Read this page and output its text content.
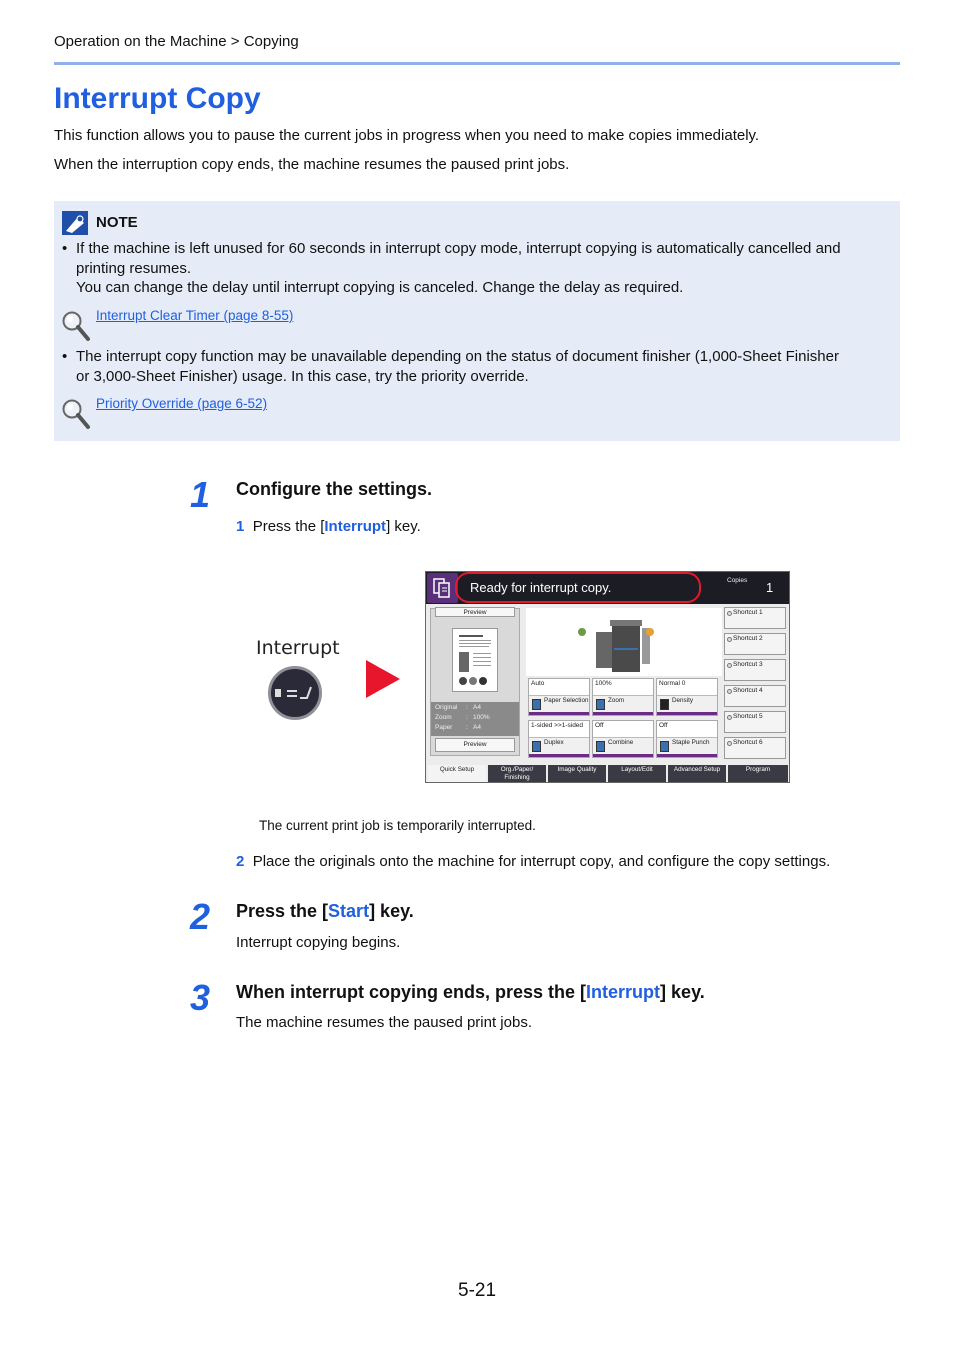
Operation on the Machine > Copying
Interrupt Copy

This function allows you to pause the current jobs in progress when you need to make copies immediately.

When the interruption copy ends, the machine resumes the paused print jobs.

NOTE
• If the machine is left unused for 60 seconds in interrupt copy mode, interrupt copying is automatically cancelled and
printing resumes.
You can change the delay until interrupt copying is canceled. Change the delay as required.
Interrupt Clear Timer (page 8-55)
• The interrupt copy function may be unavailable depending on the status of document finisher (1,000-Sheet Finisher
or 3,000-Sheet Finisher) usage. In this case, try the priority override.
Priority Override (page 6-52)
1 Configure the settings.
1 Press the [Interrupt] key.
Interrupt
Ready for interrupt copy.	Copies 1
Preview
Original : A4
Zoom : 100%
Paper : A4
Preview
Auto
Paper Selection
100%
Zoom
Normal 0
Density
1-sided >>1-sided
Duplex
Off
Combine
Off
Staple Punch
Shortcut 1
Shortcut 2
Shortcut 3
Shortcut 4
Shortcut 5
Shortcut 6
Quick Setup	Org./Paper/ Finishing
Image Quality	Layout/Edit	Advanced Setup	Program
The current print job is temporarily interrupted.
2 Place the originals onto the machine for interrupt copy, and configure the copy settings.
2 Press the [Start] key.
Interrupt copying begins.
3 When interrupt copying ends, press the [Interrupt] key.
The machine resumes the paused print jobs.
5-21
